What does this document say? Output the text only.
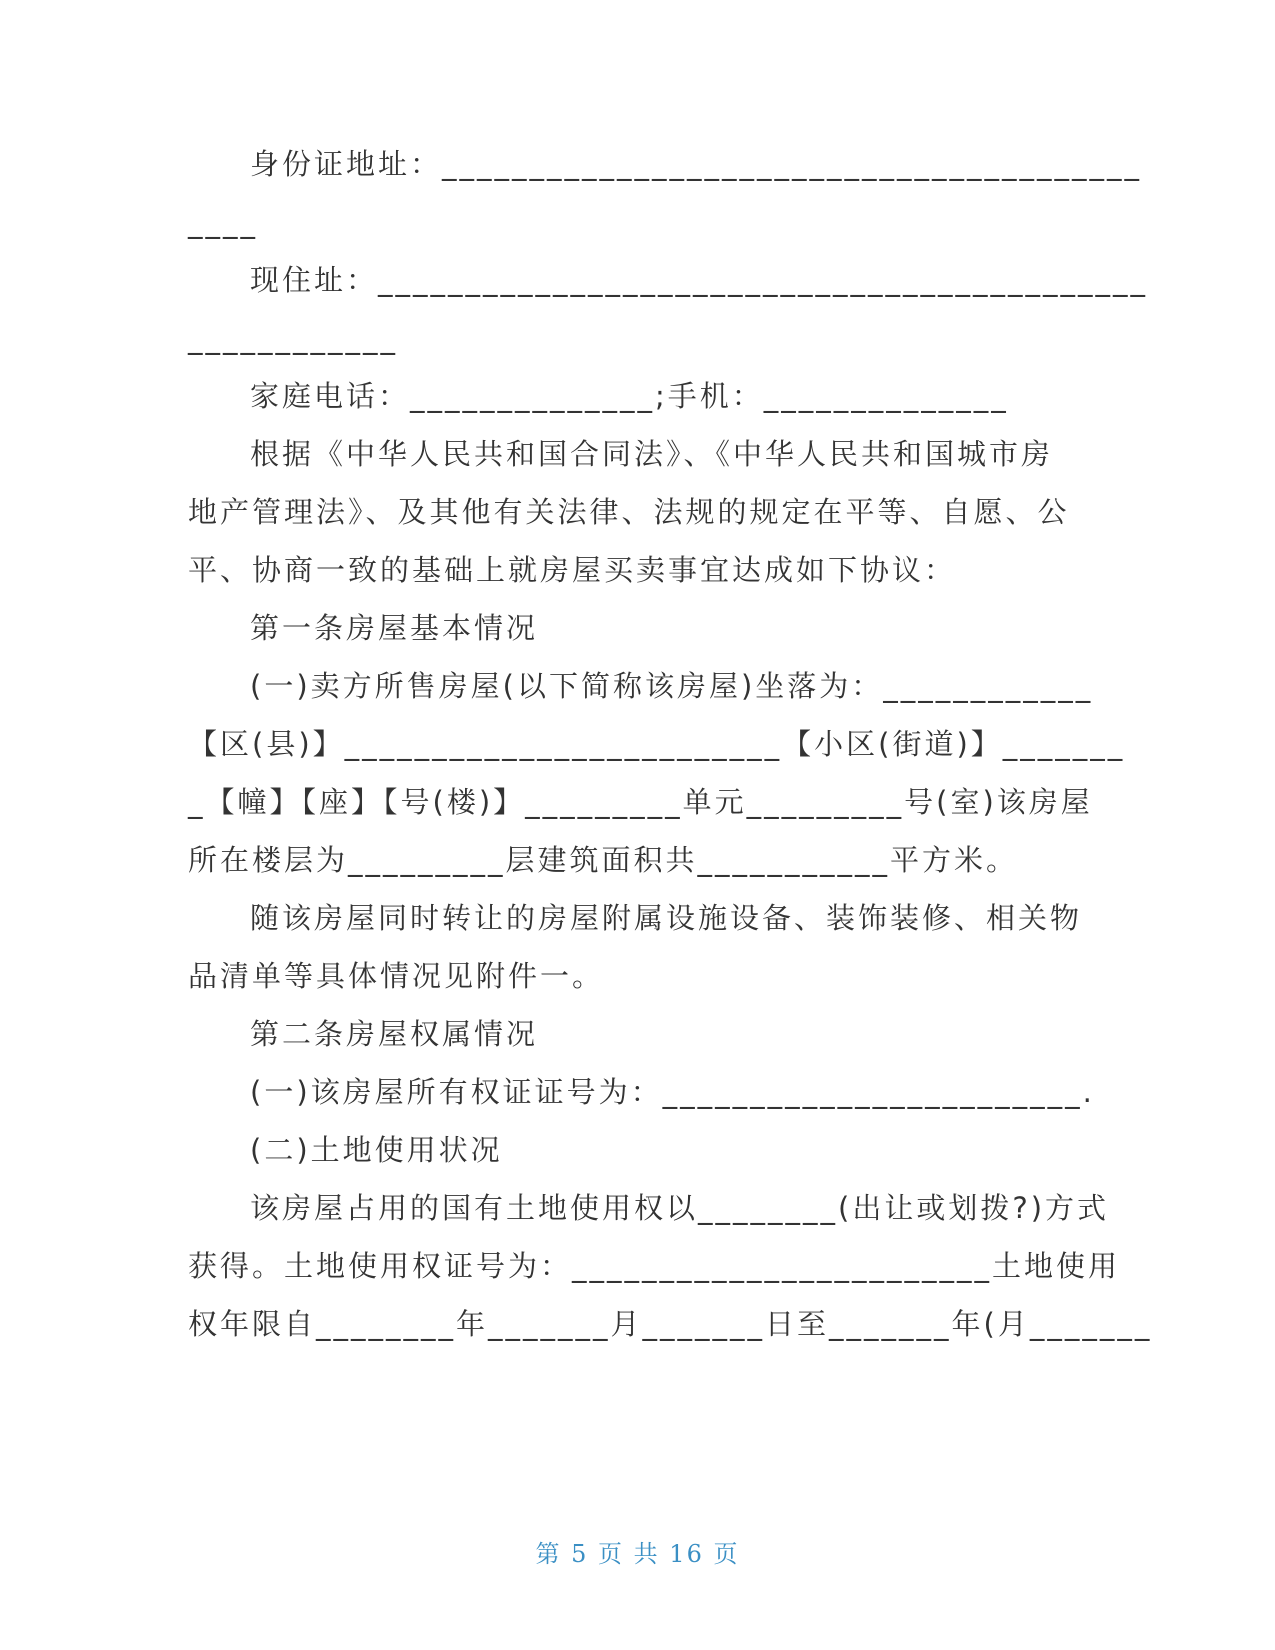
身份证地址：________________________________________
____
现住址：____________________________________________
____________
家庭电话：______________;手机：______________
根据《中华人民共和国合同法》、《中华人民共和国城市房
地产管理法》、及其他有关法律、法规的规定在平等、自愿、公
平、协商一致的基础上就房屋买卖事宜达成如下协议：
第一条房屋基本情况
(一)卖方所售房屋(以下简称该房屋)坐落为：____________
【区(县)】_________________________【小区(街道)】_______
_【幢】【座】【号(楼)】_________单元_________号(室)该房屋
所在楼层为_________层建筑面积共___________平方米。
随该房屋同时转让的房屋附属设施设备、装饰装修、相关物
品清单等具体情况见附件一。
第二条房屋权属情况
(一)该房屋所有权证证号为：________________________.
(二)土地使用状况
该房屋占用的国有土地使用权以________(出让或划拨?)方式
获得。土地使用权证号为：________________________土地使用
权年限自________年_______月_______日至_______年(月_______
第 5 页 共 16 页
